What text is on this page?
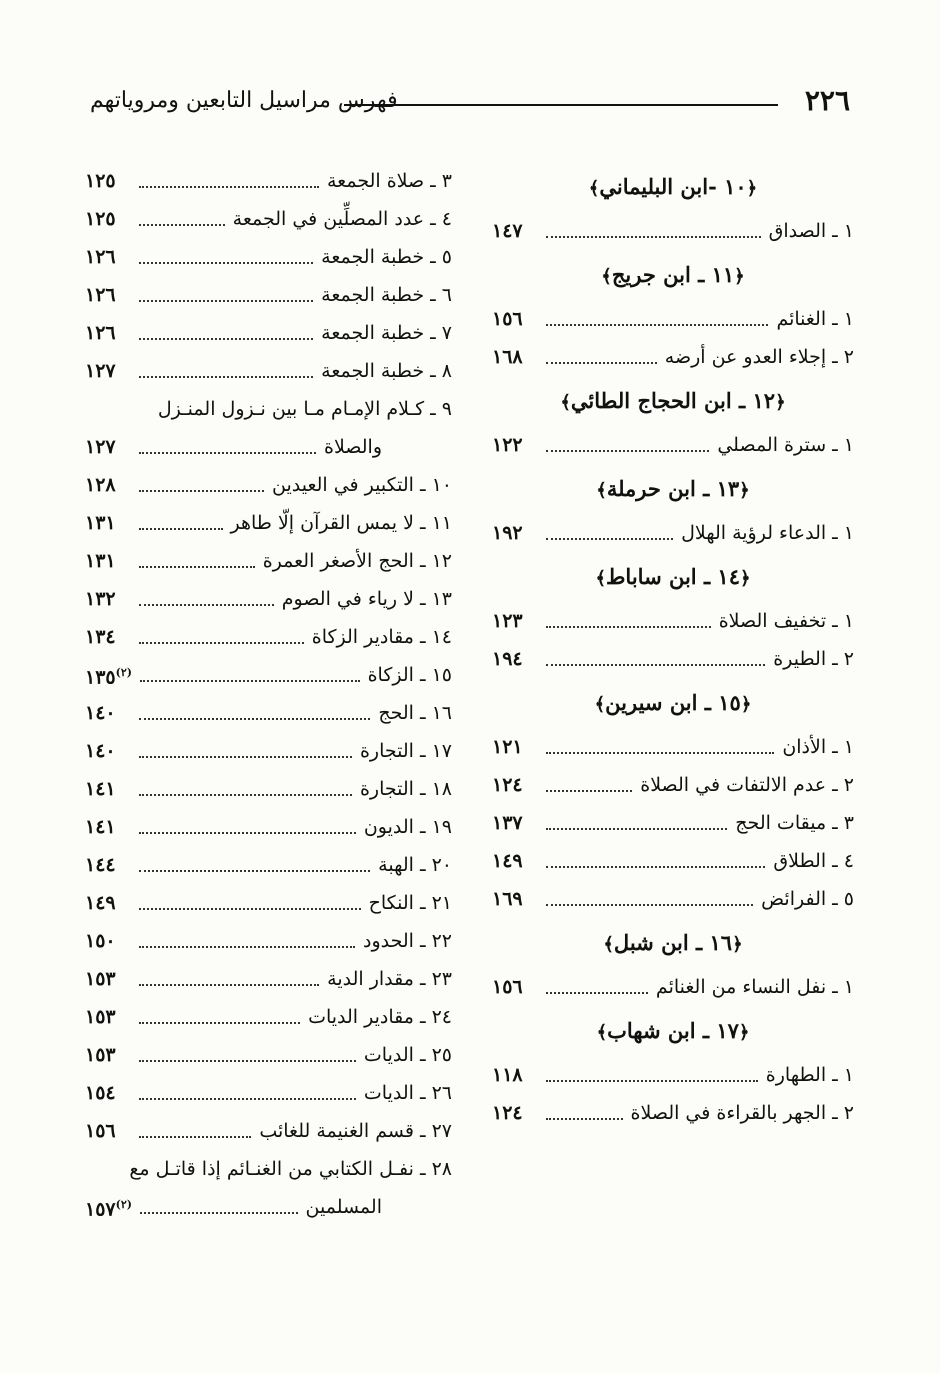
٢٢٦
فهرس مراسيل التابعين ومروياتهم
﴿١٠ -ابن البليماني﴾
١ ـ الصداق
١٤٧
﴿١١ ـ ابن جريج﴾
١ ـ الغنائم
١٥٦
٢ ـ إجلاء العدو عن أرضه
١٦٨
﴿١٢ ـ ابن الحجاج الطائي﴾
١ ـ سترة المصلي
١٢٢
﴿١٣ ـ ابن حرملة﴾
١ ـ الدعاء لرؤية الهلال
١٩٢
﴿١٤ ـ ابن ساباط﴾
١ ـ تخفيف الصلاة
١٢٣
٢ ـ الطيرة
١٩٤
﴿١٥ ـ ابن سيرين﴾
١ ـ الأذان
١٢١
٢ ـ عدم الالتفات في الصلاة
١٢٤
٣ ـ ميقات الحج
١٣٧
٤ ـ الطلاق
١٤٩
٥ ـ الفرائض
١٦٩
﴿١٦ ـ ابن شبل﴾
١ ـ نفل النساء من الغنائم
١٥٦
﴿١٧ ـ ابن شهاب﴾
١ ـ الطهارة
١١٨
٢ ـ الجهر بالقراءة في الصلاة
١٢٤
٣ ـ صلاة الجمعة
١٢٥
٤ ـ عدد المصلِّين في الجمعة
١٢٥
٥ ـ خطبة الجمعة
١٢٦
٦ ـ خطبة الجمعة
١٢٦
٧ ـ خطبة الجمعة
١٢٦
٨ ـ خطبة الجمعة
١٢٧
٩ ـ كـلام الإمـام مـا بين نـزول المنـزل
والصلاة
١٢٧
١٠ ـ التكبير في العيدين
١٢٨
١١ ـ لا يمس القرآن إلّا طاهر
١٣١
١٢ ـ الحج الأصغر العمرة
١٣١
١٣ ـ لا رياء في الصوم
١٣٢
١٤ ـ مقادير الزكاة
١٣٤
١٥ ـ الزكاة
$^{(٢)}$١٣٥
١٦ ـ الحج
١٤٠
١٧ ـ التجارة
١٤٠
١٨ ـ التجارة
١٤١
١٩ ـ الديون
١٤١
٢٠ ـ الهبة
١٤٤
٢١ ـ النكاح
١٤٩
٢٢ ـ الحدود
١٥٠
٢٣ ـ مقدار الدية
١٥٣
٢٤ ـ مقادير الديات
١٥٣
٢٥ ـ الديات
١٥٣
٢٦ ـ الديات
١٥٤
٢٧ ـ قسم الغنيمة للغائب
١٥٦
٢٨ ـ نفـل الكتابي من الغنـائم إذا قاتـل مع
المسلمين
$^{(٢)}$١٥٧
